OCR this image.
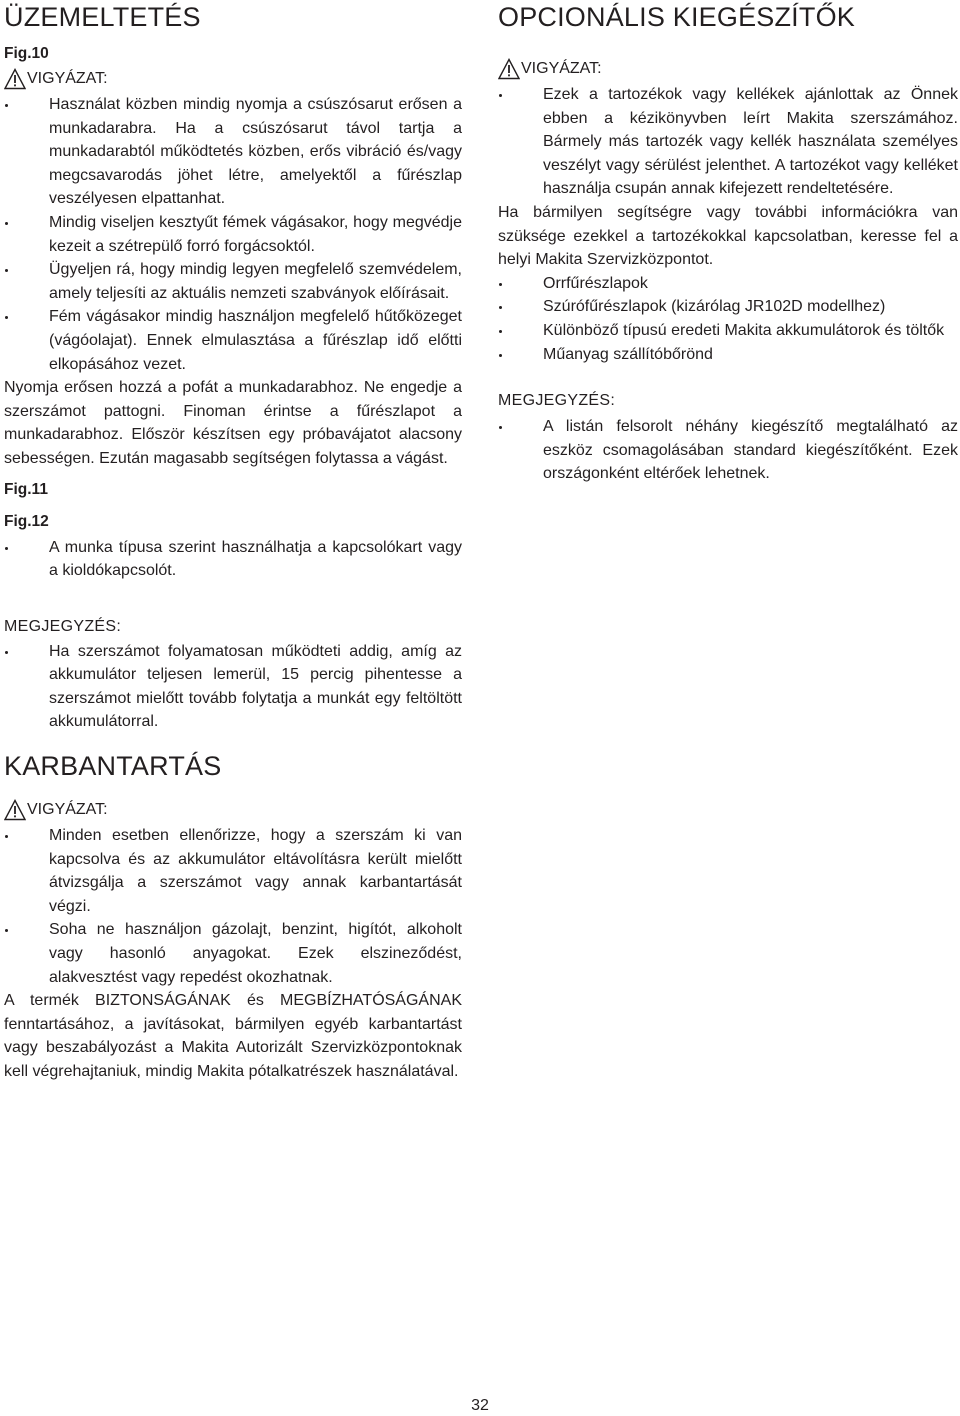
ÜZEMELTETÉS
Fig.10
VIGYÁZAT:
Használat közben mindig nyomja a csúszósarut erősen a munkadarabra. Ha a csúszósarut távol tartja a munkadarabtól működtetés közben, erős vibráció és/vagy megcsavarodás jöhet létre, amelyektől a fűrészlap veszélyesen elpattanhat.
Mindig viseljen kesztyűt fémek vágásakor, hogy megvédje kezeit a szétrepülő forró forgácsoktól.
Ügyeljen rá, hogy mindig legyen megfelelő szemvédelem, amely teljesíti az aktuális nemzeti szabványok előírásait.
Fém vágásakor mindig használjon megfelelő hűtőközeget (vágóolajat). Ennek elmulasztása a fűrészlap idő előtti elkopásához vezet.

Nyomja erősen hozzá a pofát a munkadarabhoz. Ne engedje a szerszámot pattogni. Finoman érintse a fűrészlapot a munkadarabhoz. Először készítsen egy próbavájatot alacsony sebességen. Ezután magasabb segítségen folytassa a vágást.

Fig.11
Fig.12
A munka típusa szerint használhatja a kapcsolókart vagy a kioldókapcsolót.
MEGJEGYZÉS:
Ha szerszámot folyamatosan működteti addig, amíg az akkumulátor teljesen lemerül, 15 percig pihentesse a szerszámot mielőtt tovább folytatja a munkát egy feltöltött akkumulátorral.
KARBANTARTÁS
VIGYÁZAT:
Minden esetben ellenőrizze, hogy a szerszám ki van kapcsolva és az akkumulátor eltávolításra került mielőtt átvizsgálja a szerszámot vagy annak karbantartását végzi.
Soha ne használjon gázolajt, benzint, higítót, alkoholt vagy hasonló anyagokat. Ezek elszineződést, alakvesztést vagy repedést okozhatnak.

A termék BIZTONSÁGÁNAK és MEGBÍZHATÓSÁGÁNAK fenntartásához, a javításokat, bármilyen egyéb karbantartást vagy beszabályozást a Makita Autorizált Szervizközpontoknak kell végrehajtaniuk, mindig Makita pótalkatrészek használatával.

OPCIONÁLIS KIEGÉSZÍTŐK
VIGYÁZAT:
Ezek a tartozékok vagy kellékek ajánlottak az Önnek ebben a kézikönyvben leírt Makita szerszámához. Bármely más tartozék vagy kellék használata személyes veszélyt vagy sérülést jelenthet. A tartozékot vagy kelléket használja csupán annak kifejezett rendeltetésére.

Ha bármilyen segítségre vagy további információkra van szüksége ezekkel a tartozékokkal kapcsolatban, keresse fel a helyi Makita Szervizközpontot.

Orrfűrészlapok
Szúrófűrészlapok (kizárólag JR102D modellhez)
Különböző típusú eredeti Makita akkumulátorok és töltők
Műanyag szállítóbőrönd
MEGJEGYZÉS:
A listán felsorolt néhány kiegészítő megtalálható az eszköz csomagolásában standard kiegészítőként. Ezek országonként eltérőek lehetnek.
32
